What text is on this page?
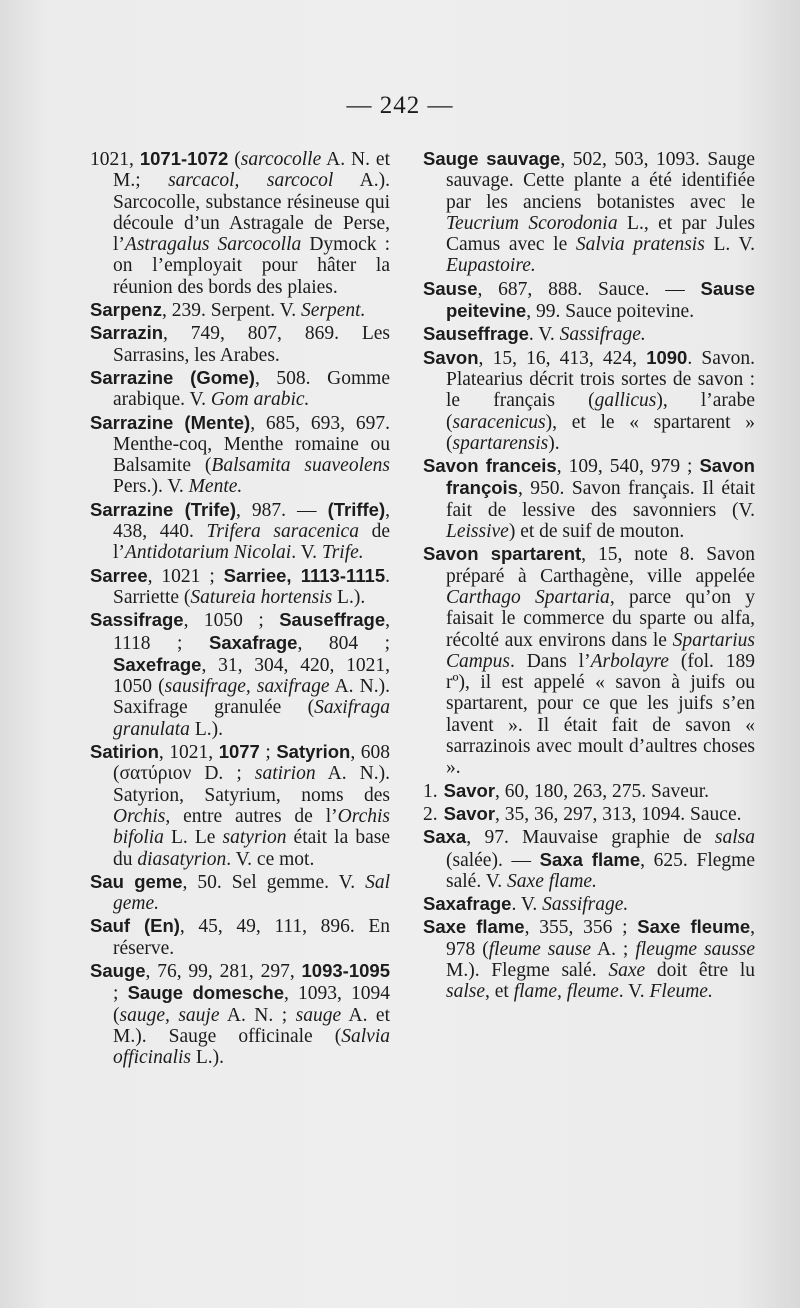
— 242 —

1021, 1071-1072 (sarcocolle A. N. et M.; sarcacol, sarcocol A.). Sarcocolle, substance résineuse qui découle d’un Astragale de Perse, l’Astragalus Sarcocolla Dymock : on l’employait pour hâter la réunion des bords des plaies.

Sarpenz, 239. Serpent. V. Serpent.

Sarrazin, 749, 807, 869. Les Sarrasins, les Arabes.

Sarrazine (Gome), 508. Gomme arabique. V. Gom arabic.

Sarrazine (Mente), 685, 693, 697. Menthe-coq, Menthe romaine ou Balsamite (Balsamita suaveolens Pers.). V. Mente.

Sarrazine (Trife), 987. — (Triffe), 438, 440. Trifera saracenica de l’Antidotarium Nicolai. V. Trife.

Sarree, 1021 ; Sarriee, 1113-1115. Sarriette (Satureia hortensis L.).

Sassifrage, 1050 ; Sauseffrage, 1118 ; Saxafrage, 804 ; Saxefrage, 31, 304, 420, 1021, 1050 (sausifrage, saxifrage A. N.). Saxifrage granulée (Saxifraga granulata L.).

Satirion, 1021, 1077 ; Satyrion, 608 (σατύριον D. ; satirion A. N.). Satyrion, Satyrium, noms des Orchis, entre autres de l’Orchis bifolia L. Le satyrion était la base du diasatyrion. V. ce mot.

Sau geme, 50. Sel gemme. V. Sal geme.

Sauf (En), 45, 49, 111, 896. En réserve.

Sauge, 76, 99, 281, 297, 1093-1095 ; Sauge domesche, 1093, 1094 (sauge, sauje A. N. ; sauge A. et M.). Sauge officinale (Salvia officinalis L.).

Sauge sauvage, 502, 503, 1093. Sauge sauvage. Cette plante a été identifiée par les anciens botanistes avec le Teucrium Scorodonia L., et par Jules Camus avec le Salvia pratensis L. V. Eupastoire.

Sause, 687, 888. Sauce. — Sause peitevine, 99. Sauce poitevine.

Sauseffrage. V. Sassifrage.

Savon, 15, 16, 413, 424, 1090. Savon. Platearius décrit trois sortes de savon : le français (gallicus), l’arabe (saracenicus), et le « spartarent » (spartarensis).

Savon franceis, 109, 540, 979 ; Savon françois, 950. Savon français. Il était fait de lessive des savonniers (V. Leissive) et de suif de mouton.

Savon spartarent, 15, note 8. Savon préparé à Carthagène, ville appelée Carthago Spartaria, parce qu’on y faisait le commerce du sparte ou alfa, récolté aux environs dans le Spartarius Campus. Dans l’Arbolayre (fol. 189 rº), il est appelé « savon à juifs ou spartarent, pour ce que les juifs s’en lavent ». Il était fait de savon « sarrazinois avec moult d’aultres choses ».

1. Savor, 60, 180, 263, 275. Saveur.

2. Savor, 35, 36, 297, 313, 1094. Sauce.

Saxa, 97. Mauvaise graphie de salsa (salée). — Saxa flame, 625. Flegme salé. V. Saxe flame.

Saxafrage. V. Sassifrage.

Saxe flame, 355, 356 ; Saxe fleume, 978 (fleume sause A. ; fleugme sausse M.). Flegme salé. Saxe doit être lu salse, et flame, fleume. V. Fleume.
